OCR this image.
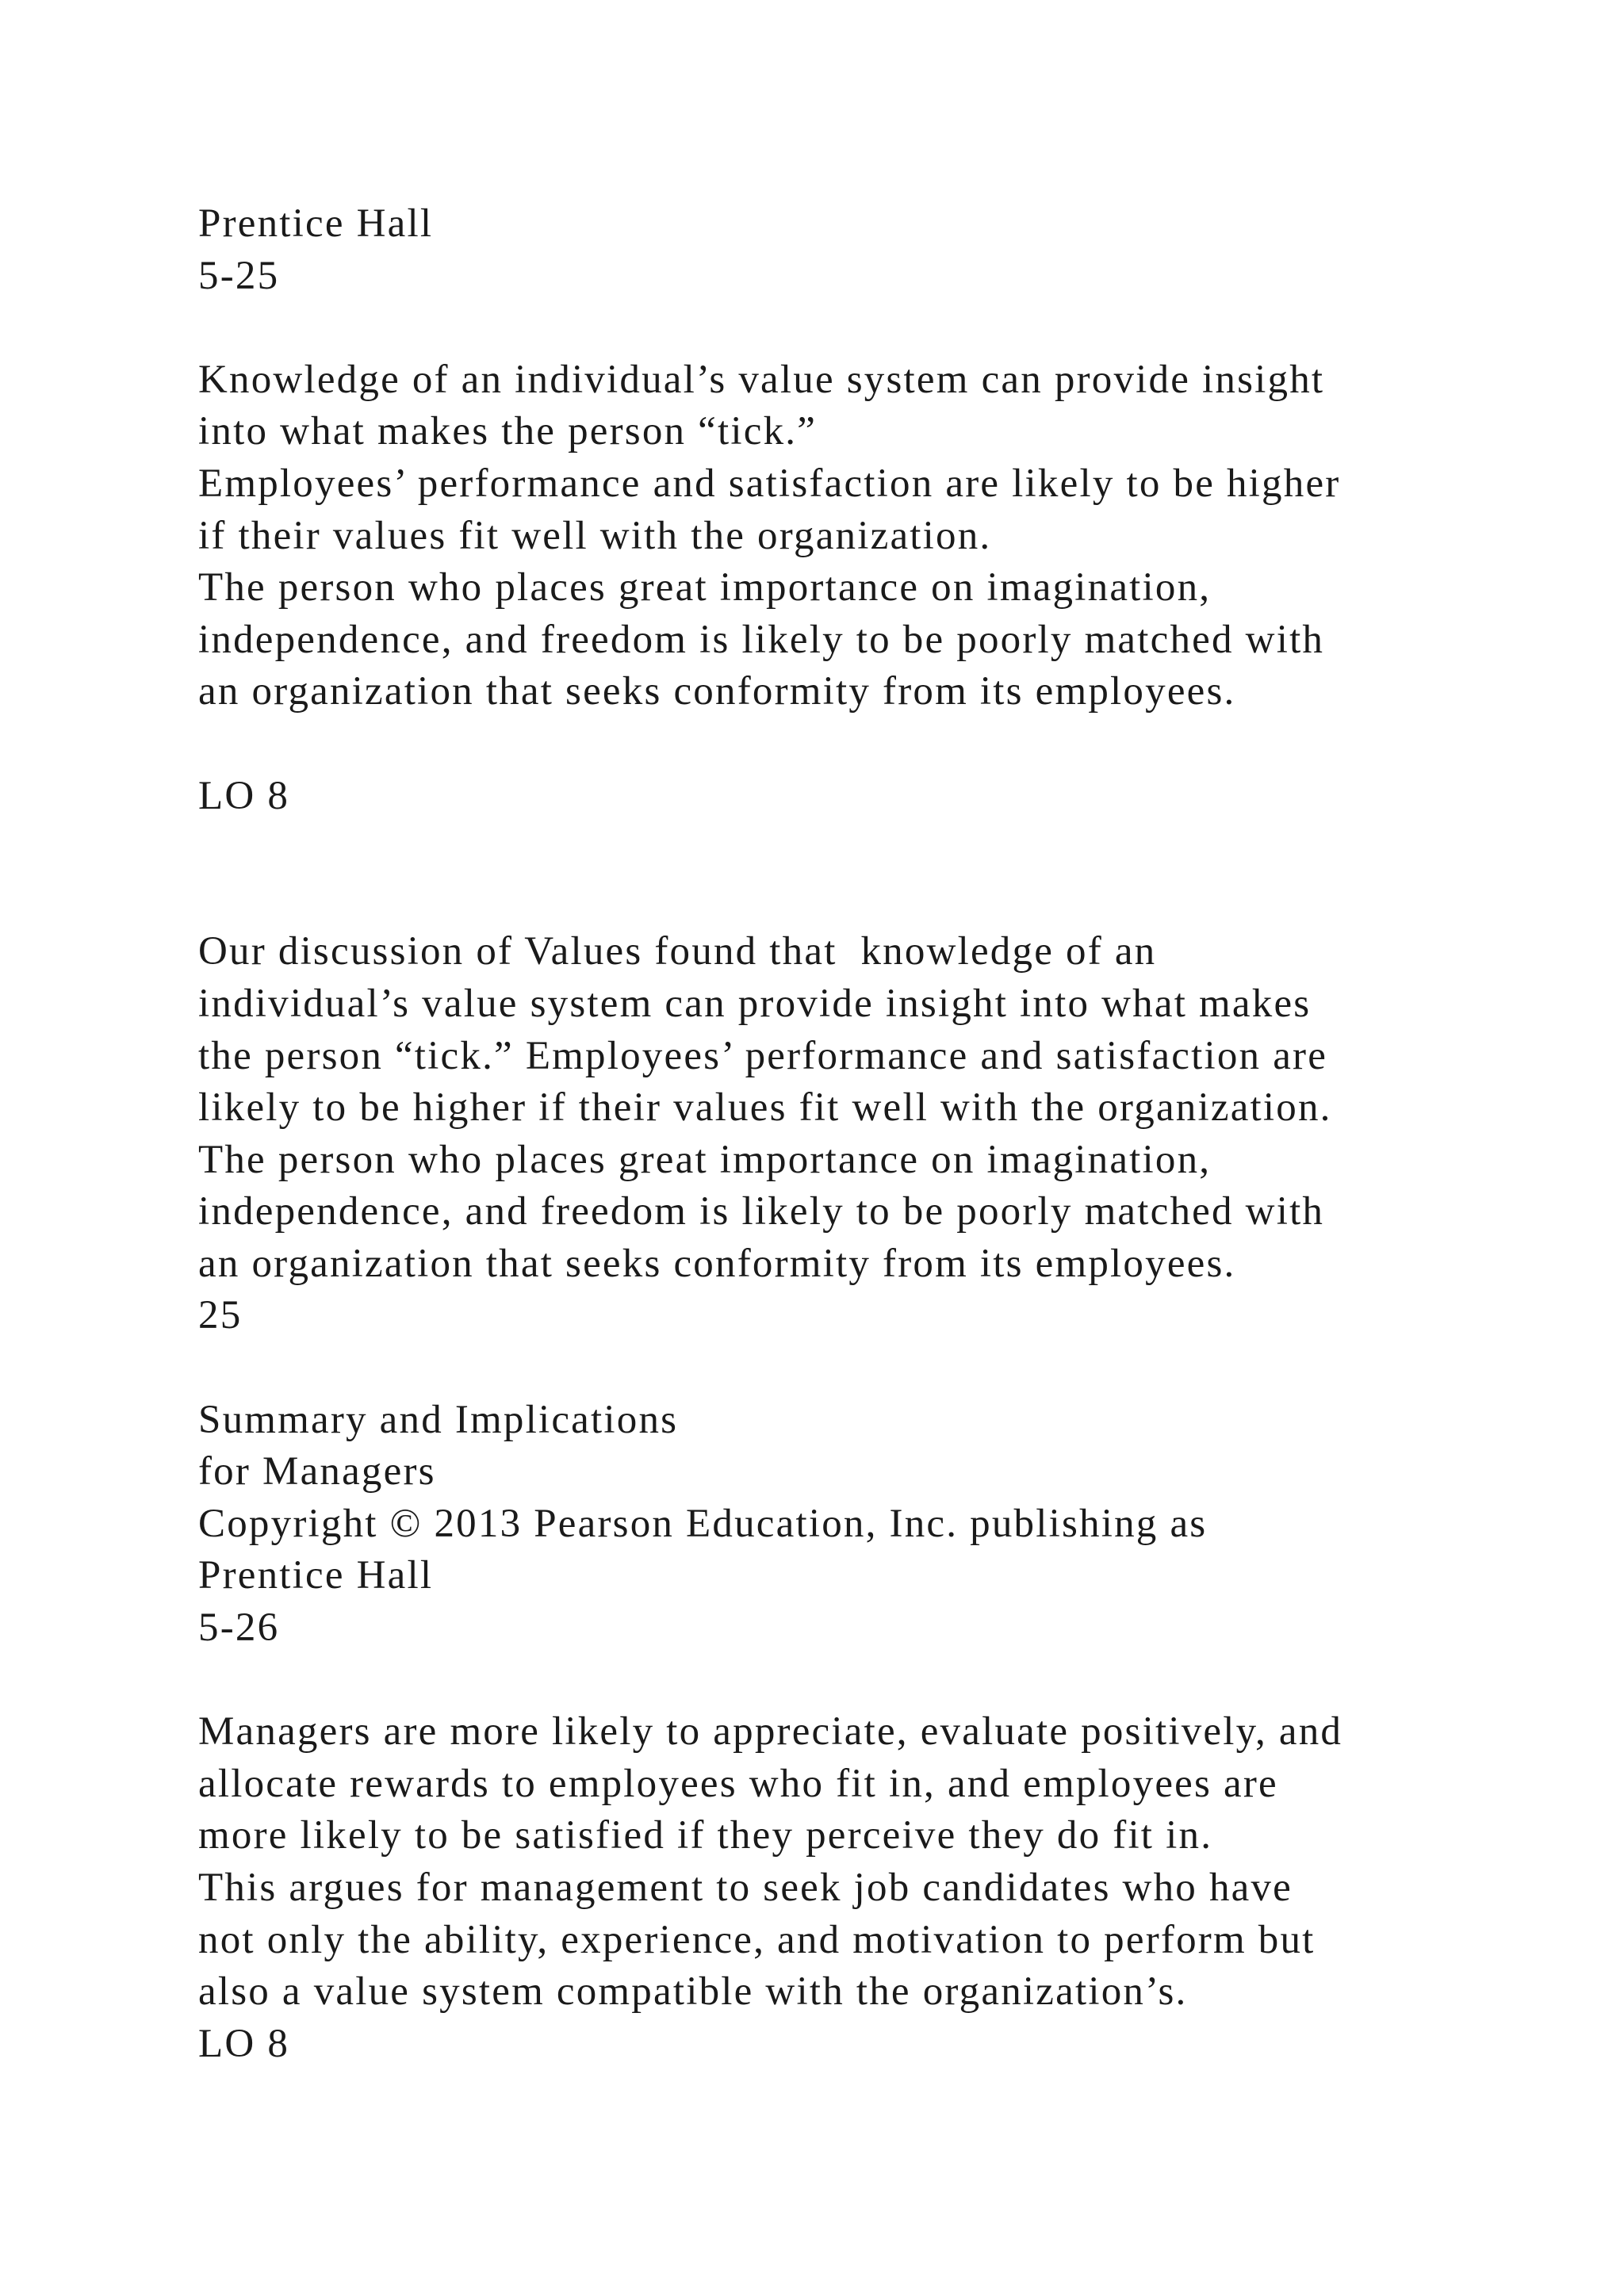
Prentice Hall
5-25
Knowledge of an individual’s value system can provide insight
into what makes the person “tick.”
Employees’ performance and satisfaction are likely to be higher
if their values fit well with the organization.
The person who places great importance on imagination,
independence, and freedom is likely to be poorly matched with
an organization that seeks conformity from its employees.
LO 8
Our discussion of Values found that  knowledge of an
individual’s value system can provide insight into what makes
the person “tick.” Employees’ performance and satisfaction are
likely to be higher if their values fit well with the organization.
The person who places great importance on imagination,
independence, and freedom is likely to be poorly matched with
an organization that seeks conformity from its employees.
25
Summary and Implications
for Managers
Copyright © 2013 Pearson Education, Inc. publishing as
Prentice Hall
5-26
Managers are more likely to appreciate, evaluate positively, and
allocate rewards to employees who fit in, and employees are
more likely to be satisfied if they perceive they do fit in.
This argues for management to seek job candidates who have
not only the ability, experience, and motivation to perform but
also a value system compatible with the organization’s.
LO 8
